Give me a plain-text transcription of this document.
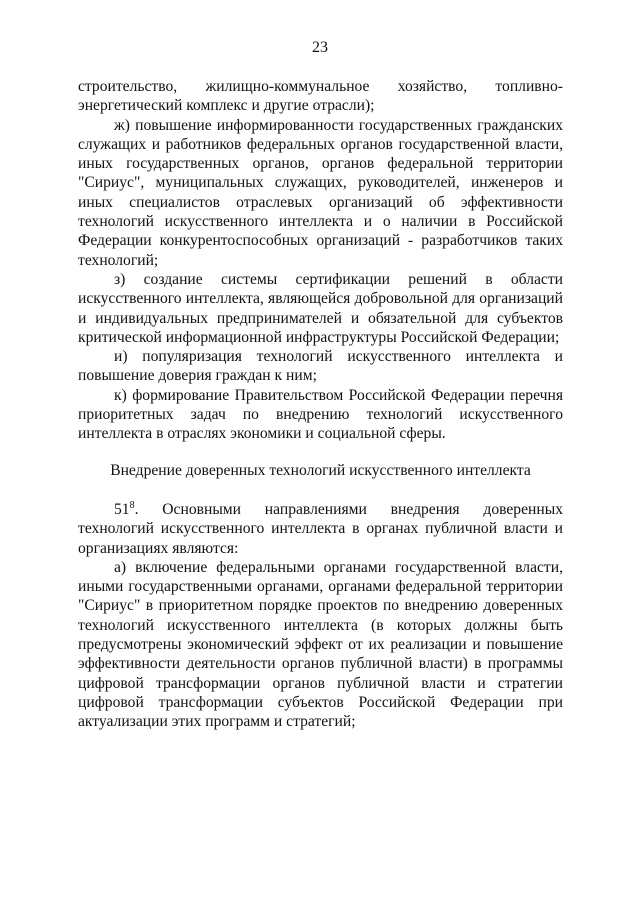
23

строительство, жилищно-коммунальное хозяйство, топливно-энергетический комплекс и другие отрасли);

ж) повышение информированности государственных гражданских служащих и работников федеральных органов государственной власти, иных государственных органов, органов федеральной территории "Сириус", муниципальных служащих, руководителей, инженеров и иных специалистов отраслевых организаций об эффективности технологий искусственного интеллекта и о наличии в Российской Федерации конкурентоспособных организаций - разработчиков таких технологий;

з) создание системы сертификации решений в области искусственного интеллекта, являющейся добровольной для организаций и индивидуальных предпринимателей и обязательной для субъектов критической информационной инфраструктуры Российской Федерации;

и) популяризация технологий искусственного интеллекта и повышение доверия граждан к ним;

к) формирование Правительством Российской Федерации перечня приоритетных задач по внедрению технологий искусственного интеллекта в отраслях экономики и социальной сферы.

Внедрение доверенных технологий искусственного интеллекта

$51^8$. Основными направлениями внедрения доверенных технологий искусственного интеллекта в органах публичной власти и организациях являются:

а) включение федеральными органами государственной власти, иными государственными органами, органами федеральной территории "Сириус" в приоритетном порядке проектов по внедрению доверенных технологий искусственного интеллекта (в которых должны быть предусмотрены экономический эффект от их реализации и повышение эффективности деятельности органов публичной власти) в программы цифровой трансформации органов публичной власти и стратегии цифровой трансформации субъектов Российской Федерации при актуализации этих программ и стратегий;
